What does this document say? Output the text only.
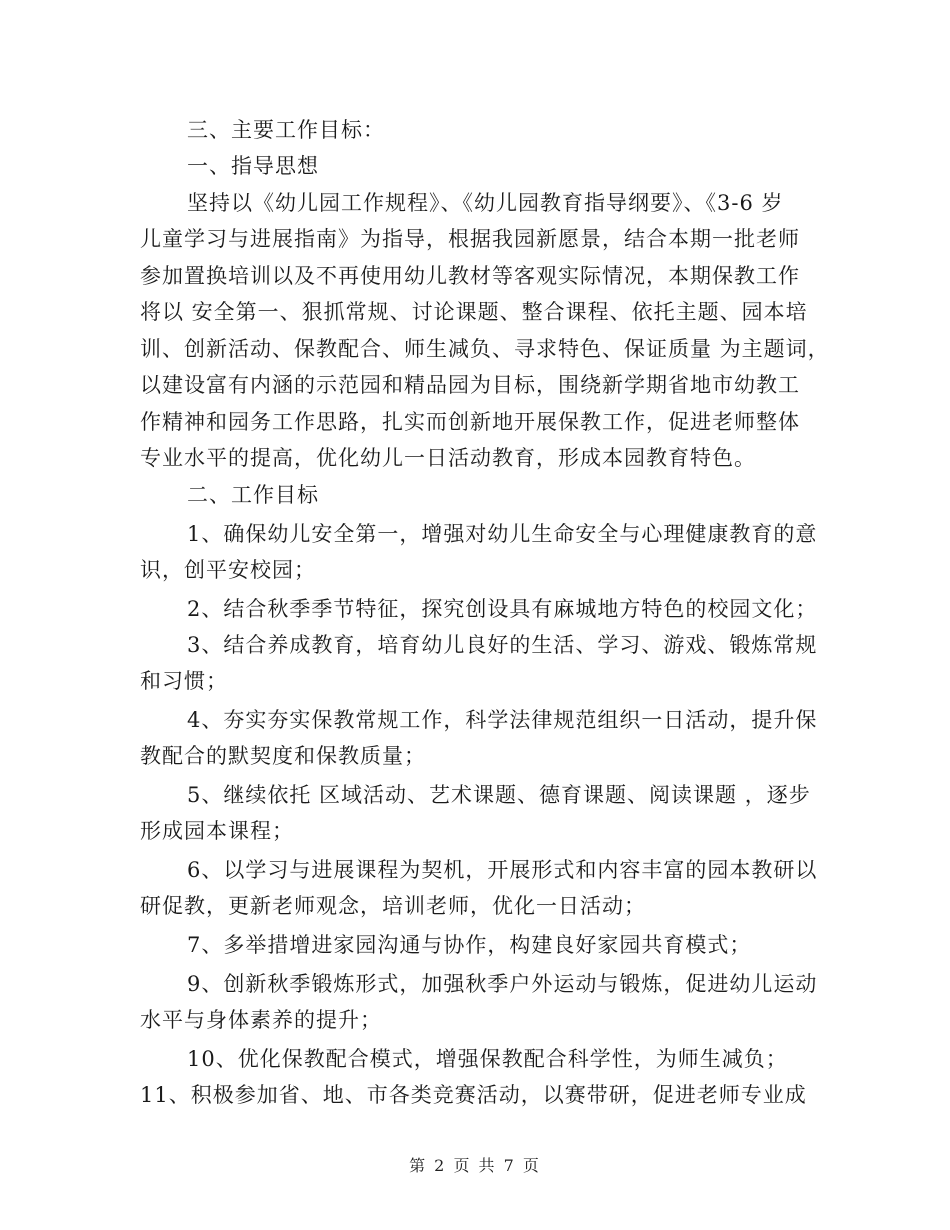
三、主要工作目标：
一、指导思想
坚持以《幼儿园工作规程》、《幼儿园教育指导纲要》、《3-6 岁
儿童学习与进展指南》为指导，根据我园新愿景，结合本期一批老师
参加置换培训以及不再使用幼儿教材等客观实际情况，本期保教工作
将以 安全第一、狠抓常规、讨论课题、整合课程、依托主题、园本培
训、创新活动、保教配合、师生减负、寻求特色、保证质量 为主题词，
以建设富有内涵的示范园和精品园为目标，围绕新学期省地市幼教工
作精神和园务工作思路，扎实而创新地开展保教工作，促进老师整体
专业水平的提高，优化幼儿一日活动教育，形成本园教育特色。
二、工作目标
1、确保幼儿安全第一，增强对幼儿生命安全与心理健康教育的意
识，创平安校园；
2、结合秋季季节特征，探究创设具有麻城地方特色的校园文化；
3、结合养成教育，培育幼儿良好的生活、学习、游戏、锻炼常规
和习惯；
4、夯实夯实保教常规工作，科学法律规范组织一日活动，提升保
教配合的默契度和保教质量；
5、继续依托 区域活动、艺术课题、德育课题、阅读课题 ，逐步
形成园本课程；
6、以学习与进展课程为契机，开展形式和内容丰富的园本教研以
研促教，更新老师观念，培训老师，优化一日活动；
7、多举措增进家园沟通与协作，构建良好家园共育模式；
9、创新秋季锻炼形式，加强秋季户外运动与锻炼，促进幼儿运动
水平与身体素养的提升；
10、优化保教配合模式，增强保教配合科学性，为师生减负；
11、积极参加省、地、市各类竞赛活动，以赛带研，促进老师专业成
第 2 页 共 7 页
